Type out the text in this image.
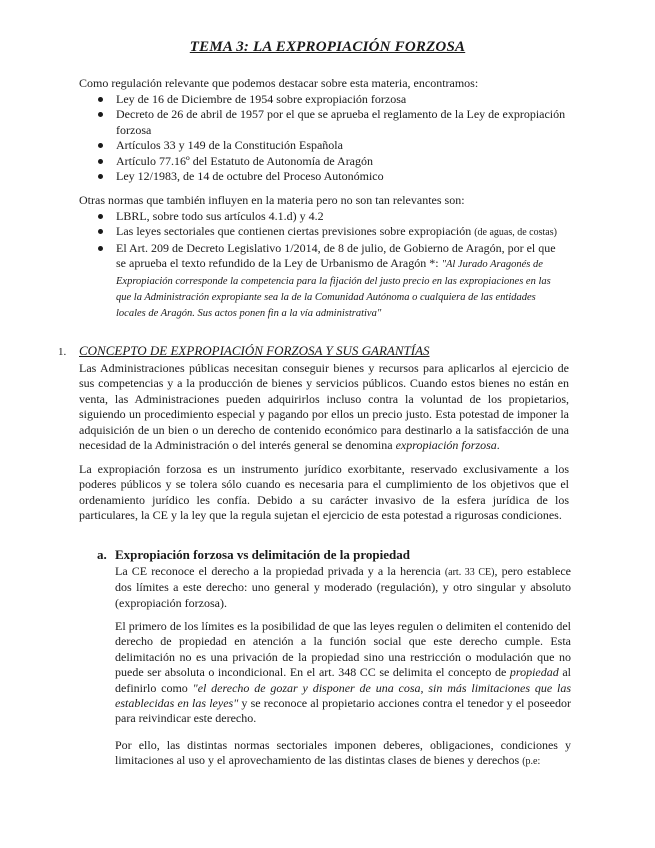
TEMA 3: LA EXPROPIACIÓN FORZOSA
Como regulación relevante que podemos destacar sobre esta materia, encontramos:
Ley de 16 de Diciembre de 1954 sobre expropiación forzosa
Decreto de 26 de abril de 1957 por el que se aprueba el reglamento de la Ley de expropiación forzosa
Artículos 33 y 149 de la Constitución Española
Artículo 77.16º del Estatuto de Autonomía de Aragón
Ley 12/1983, de 14 de octubre del Proceso Autonómico
Otras normas que también influyen en la materia pero no son tan relevantes son:
LBRL, sobre todo sus artículos 4.1.d) y 4.2
Las leyes sectoriales que contienen ciertas previsiones sobre expropiación (de aguas, de costas)
El Art. 209 de Decreto Legislativo 1/2014, de 8 de julio, de Gobierno de Aragón, por el que se aprueba el texto refundido de la Ley de Urbanismo de Aragón *: "Al Jurado Aragonés de Expropiación corresponde la competencia para la fijación del justo precio en las expropiaciones en las que la Administración expropiante sea la de la Comunidad Autónoma o cualquiera de las entidades locales de Aragón. Sus actos ponen fin a la vía administrativa"
1. CONCEPTO DE EXPROPIACIÓN FORZOSA Y SUS GARANTÍAS
Las Administraciones públicas necesitan conseguir bienes y recursos para aplicarlos al ejercicio de sus competencias y a la producción de bienes y servicios públicos. Cuando estos bienes no están en venta, las Administraciones pueden adquirirlos incluso contra la voluntad de los propietarios, siguiendo un procedimiento especial y pagando por ellos un precio justo. Esta potestad de imponer la adquisición de un bien o un derecho de contenido económico para destinarlo a la satisfacción de una necesidad de la Administración o del interés general se denomina expropiación forzosa.
La expropiación forzosa es un instrumento jurídico exorbitante, reservado exclusivamente a los poderes públicos y se tolera sólo cuando es necesaria para el cumplimiento de los objetivos que el ordenamiento jurídico les confía. Debido a su carácter invasivo de la esfera jurídica de los particulares, la CE y la ley que la regula sujetan el ejercicio de esta potestad a rigurosas condiciones.
a. Expropiación forzosa vs delimitación de la propiedad
La CE reconoce el derecho a la propiedad privada y a la herencia (art. 33 CE), pero establece dos límites a este derecho: uno general y moderado (regulación), y otro singular y absoluto (expropiación forzosa).
El primero de los límites es la posibilidad de que las leyes regulen o delimiten el contenido del derecho de propiedad en atención a la función social que este derecho cumple. Esta delimitación no es una privación de la propiedad sino una restricción o modulación que no puede ser absoluta o incondicional. En el art. 348 CC se delimita el concepto de propiedad al definirlo como "el derecho de gozar y disponer de una cosa, sin más limitaciones que las establecidas en las leyes" y se reconoce al propietario acciones contra el tenedor y el poseedor para reivindicar este derecho.
Por ello, las distintas normas sectoriales imponen deberes, obligaciones, condiciones y limitaciones al uso y el aprovechamiento de las distintas clases de bienes y derechos (p.e:
